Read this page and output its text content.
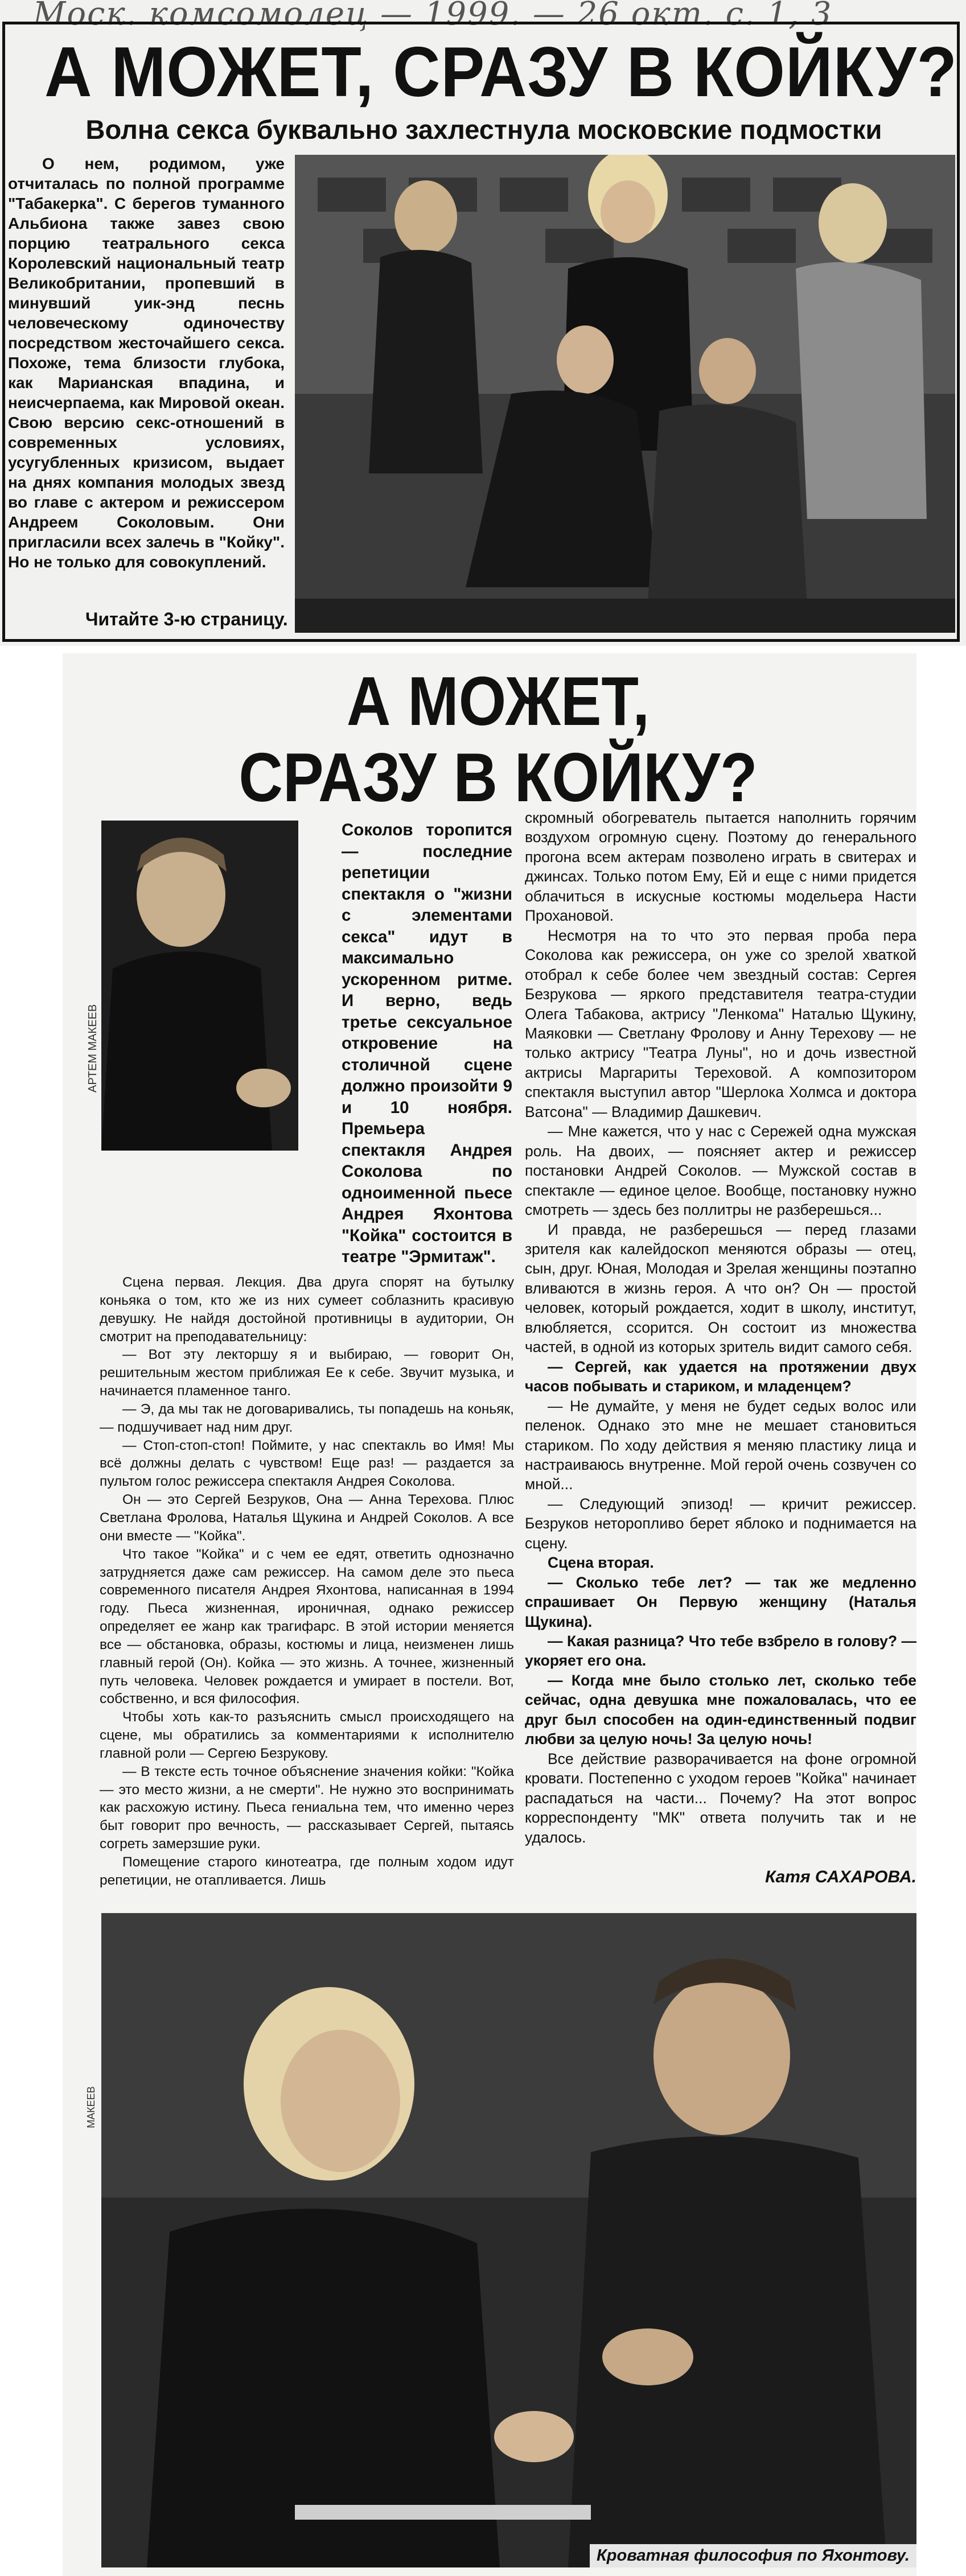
Моск. комсомолец — 1999. — 26 окт. с. 1, 3
А МОЖЕТ, СРАЗУ В КОЙКУ?
Волна секса буквально захлестнула московские подмостки
О нем, родимом, уже отчиталась по полной программе "Табакерка". С берегов туманного Альбиона также завез свою порцию театрального секса Королевский национальный театр Великобритании, пропевший в минувший уик-энд песнь человеческому одиночеству посредством жесточайшего секса. Похоже, тема близости глубока, как Марианская впадина, и неисчерпаема, как Мировой океан. Свою версию секс-отношений в современных условиях, усугубленных кризисом, выдает на днях компания молодых звезд во главе с актером и режиссером Андреем Соколовым. Они пригласили всех залечь в "Койку". Но не только для совокуплений.
Читайте 3-ю страницу.
А МОЖЕТ,
СРАЗУ В КОЙКУ?
АРТЕМ МАКЕЕВ
Соколов торопится — последние репетиции спектакля о "жизни с элементами секса" идут в максимально ускоренном ритме. И верно, ведь третье сексуальное откровение на столичной сцене должно произойти 9 и 10 ноября. Премьера спектакля Андрея Соколова по одноименной пьесе Андрея Яхонтова "Койка" состоится в театре "Эрмитаж".

Сцена первая. Лекция. Два друга спорят на бутылку коньяка о том, кто же из них сумеет соблазнить красивую девушку. Не найдя достойной противницы в аудитории, Он смотрит на преподавательницу:

— Вот эту лекторшу я и выбираю, — говорит Он, решительным жестом приближая Ее к себе. Звучит музыка, и начинается пламенное танго.

— Э, да мы так не договаривались, ты попадешь на коньяк, — подшучивает над ним друг.

— Стоп-стоп-стоп! Поймите, у нас спектакль во Имя! Мы всё должны делать с чувством! Еще раз! — раздается за пультом голос режиссера спектакля Андрея Соколова.

Он — это Сергей Безруков, Она — Анна Терехова. Плюс Светлана Фролова, Наталья Щукина и Андрей Соколов. А все они вместе — "Койка".

Что такое "Койка" и с чем ее едят, ответить однозначно затрудняется даже сам режиссер. На самом деле это пьеса современного писателя Андрея Яхонтова, написанная в 1994 году. Пьеса жизненная, ироничная, однако режиссер определяет ее жанр как трагифарс. В этой истории меняется все — обстановка, образы, костюмы и лица, неизменен лишь главный герой (Он). Койка — это жизнь. А точнее, жизненный путь человека. Человек рождается и умирает в постели. Вот, собственно, и вся философия.

Чтобы хоть как-то разъяснить смысл происходящего на сцене, мы обратились за комментариями к исполнителю главной роли — Сергею Безрукову.

— В тексте есть точное объяснение значения койки: "Койка — это место жизни, а не смерти". Не нужно это воспринимать как расхожую истину. Пьеса гениальна тем, что именно через быт говорит про вечность, — рассказывает Сергей, пытаясь согреть замерзшие руки.

Помещение старого кинотеатра, где полным ходом идут репетиции, не отапливается. Лишь

скромный обогреватель пытается наполнить горячим воздухом огромную сцену. Поэтому до генерального прогона всем актерам позволено играть в свитерах и джинсах. Только потом Ему, Ей и еще с ними придется облачиться в искусные костюмы модельера Насти Прохановой.

Несмотря на то что это первая проба пера Соколова как режиссера, он уже со зрелой хваткой отобрал к себе более чем звездный состав: Сергея Безрукова — яркого представителя театра-студии Олега Табакова, актрису "Ленкома" Наталью Щукину, Маяковки — Светлану Фролову и Анну Терехову — не только актрису "Театра Луны", но и дочь известной актрисы Маргариты Тереховой. А композитором спектакля выступил автор "Шерлока Холмса и доктора Ватсона" — Владимир Дашкевич.

— Мне кажется, что у нас с Сережей одна мужская роль. На двоих, — поясняет актер и режиссер постановки Андрей Соколов. — Мужской состав в спектакле — единое целое. Вообще, постановку нужно смотреть — здесь без поллитры не разберешься...

И правда, не разберешься — перед глазами зрителя как калейдоскоп меняются образы — отец, сын, друг. Юная, Молодая и Зрелая женщины поэтапно вливаются в жизнь героя. А что он? Он — простой человек, который рождается, ходит в школу, институт, влюбляется, ссорится. Он состоит из множества частей, в одной из которых зритель видит самого себя.

— Сергей, как удается на протяжении двух часов побывать и стариком, и младенцем?

— Не думайте, у меня не будет седых волос или пеленок. Однако это мне не мешает становиться стариком. По ходу действия я меняю пластику лица и настраиваюсь внутренне. Мой герой очень созвучен со мной...

— Следующий эпизод! — кричит режиссер. Безруков неторопливо берет яблоко и поднимается на сцену.

Сцена вторая.

— Сколько тебе лет? — так же медленно спрашивает Он Первую женщину (Наталья Щукина).

— Какая разница? Что тебе взбрело в голову? — укоряет его она.

— Когда мне было столько лет, сколько тебе сейчас, одна девушка мне пожаловалась, что ее друг был способен на один-единственный подвиг любви за целую ночь! За целую ночь!

Все действие разворачивается на фоне огромной кровати. Постепенно с уходом героев "Койка" начинает распадаться на части... Почему? На этот вопрос корреспонденту "МК" ответа получить так и не удалось.

Катя САХАРОВА.
Кроватная философия по Яхонтову.
МАКЕЕВ
